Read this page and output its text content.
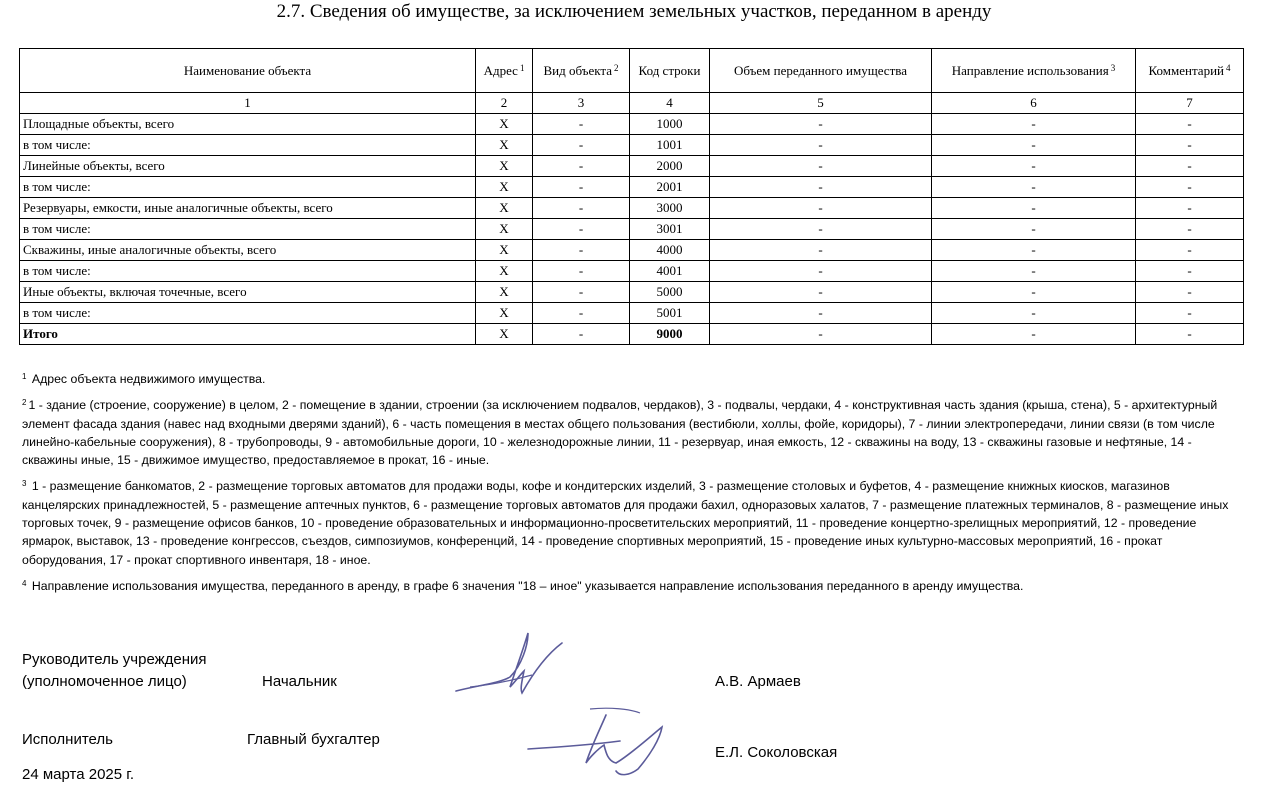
2.7. Сведения об имуществе, за исключением земельных участков, переданном в аренду
Наименование объекта	Адрес $^1$	Вид объекта $^2$	Код строки	Объем переданного имущества	Направление использования $^3$	Комментарий $^4$
1	2	3	4	5	6	7
Площадные объекты, всего	Х	-	1000	-	-	-
в том числе:	Х	-	1001	-	-	-
Линейные объекты, всего	Х	-	2000	-	-	-
в том числе:	Х	-	2001	-	-	-
Резервуары, емкости, иные аналогичные объекты, всего	Х	-	3000	-	-	-
в том числе:	Х	-	3001	-	-	-
Скважины, иные аналогичные объекты, всего	Х	-	4000	-	-	-
в том числе:	Х	-	4001	-	-	-
Иные объекты, включая точечные, всего	Х	-	5000	-	-	-
в том числе:	Х	-	5001	-	-	-
Итого	Х	-	9000	-	-	-

$^1$ Адрес объекта недвижимого имущества.

$^2$ 1 - здание (строение, сооружение) в целом, 2 - помещение в здании, строении (за исключением подвалов, чердаков), 3 - подвалы, чердаки, 4 - конструктивная часть здания (крыша, стена), 5 - архитектурный элемент фасада здания (навес над входными дверями зданий), 6 - часть помещения в местах общего пользования (вестибюли, холлы, фойе, коридоры), 7 - линии электропередачи, линии связи (в том числе линейно-кабельные сооружения), 8 - трубопроводы, 9 - автомобильные дороги, 10 - железнодорожные линии, 11 - резервуар, иная емкость, 12 - скважины на воду, 13 - скважины газовые и нефтяные, 14 - скважины иные, 15 - движимое имущество, предоставляемое в прокат, 16 - иные.

$^3$ 1 - размещение банкоматов, 2 - размещение торговых автоматов для продажи воды, кофе и кондитерских изделий, 3 - размещение столовых и буфетов, 4 - размещение книжных киосков, магазинов канцелярских принадлежностей, 5 - размещение аптечных пунктов, 6 - размещение торговых автоматов для продажи бахил, одноразовых халатов, 7 - размещение платежных терминалов, 8 - размещение иных торговых точек, 9 - размещение офисов банков, 10 - проведение образовательных и информационно-просветительских мероприятий, 11 - проведение концертно-зрелищных мероприятий, 12 - проведение ярмарок, выставок, 13 - проведение конгрессов, съездов, симпозиумов, конференций, 14 - проведение спортивных мероприятий, 15 - проведение иных культурно-массовых мероприятий, 16 - прокат оборудования, 17 - прокат спортивного инвентаря, 18 - иное.

$^4$ Направление использования имущества, переданного в аренду, в графе 6 значения "18 – иное" указывается направление использования переданного в аренду имущества.

Руководитель учреждения
(уполномоченное лицо)	Начальник	А.В. Армаев
Исполнитель	Главный бухгалтер
Е.Л. Соколовская
24 марта 2025 г.
